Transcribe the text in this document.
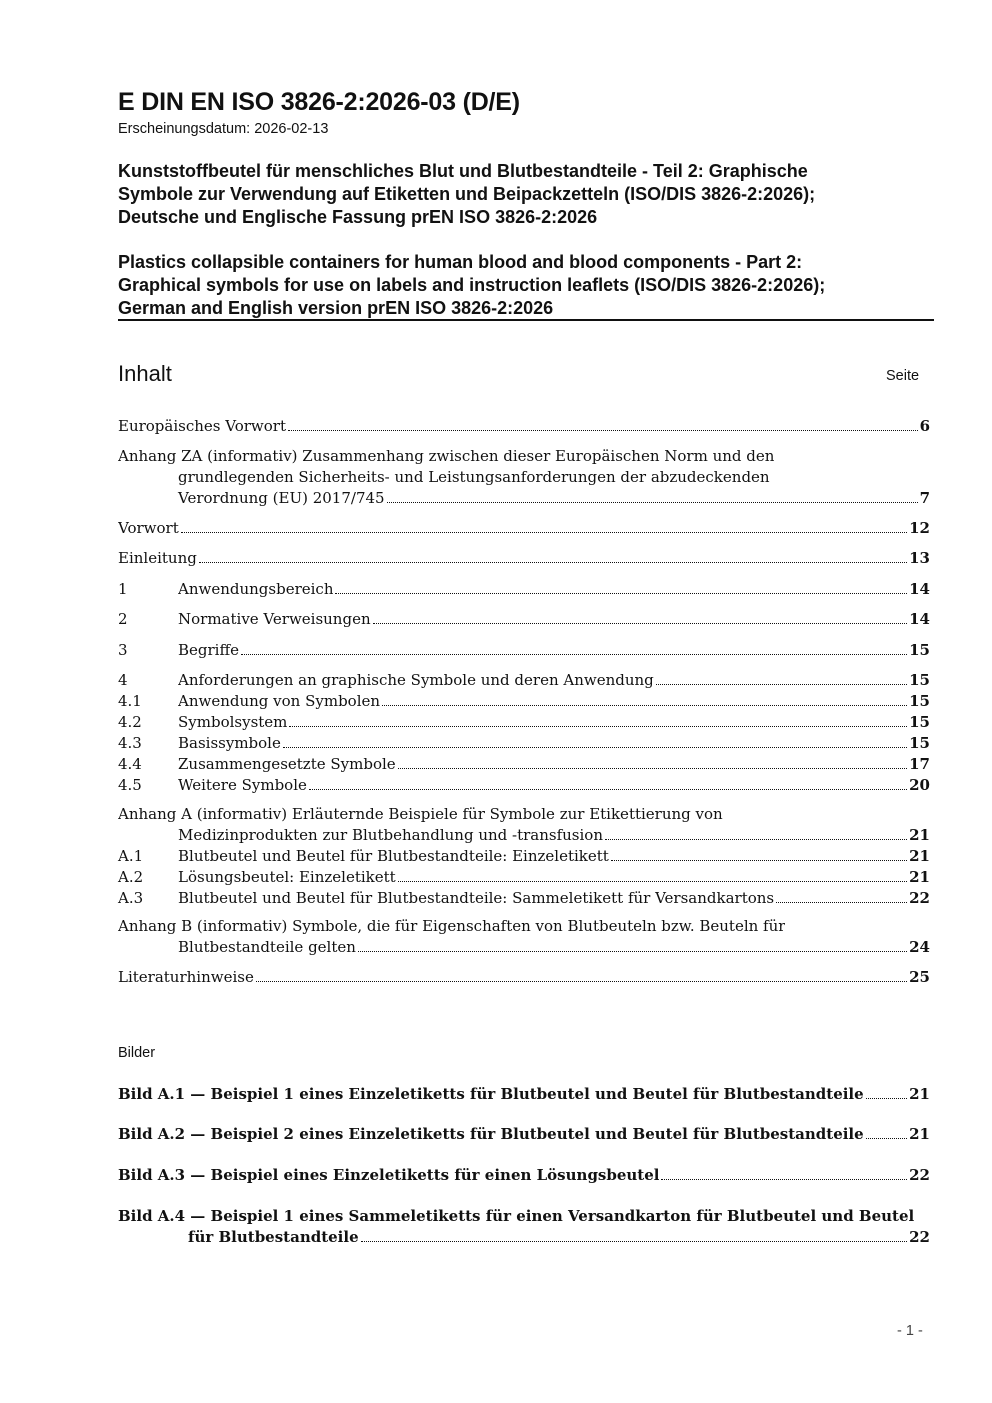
E DIN EN ISO 3826-2:2026-03 (D/E)
Erscheinungsdatum: 2026-02-13
Kunststoffbeutel für menschliches Blut und Blutbestandteile - Teil 2: Graphische
Symbole zur Verwendung auf Etiketten und Beipackzetteln (ISO/DIS 3826-2:2026);
Deutsche und Englische Fassung prEN ISO 3826-2:2026
Plastics collapsible containers for human blood and blood components - Part 2:
Graphical symbols for use on labels and instruction leaflets (ISO/DIS 3826-2:2026);
German and English version prEN ISO 3826-2:2026
Inhalt	Seite
Europäisches Vorwort	6
Anhang ZA (informativ) Zusammenhang zwischen dieser Europäischen Norm und den
grundlegenden Sicherheits- und Leistungsanforderungen der abzudeckenden
Verordnung (EU) 2017/745	7
Vorwort	12
Einleitung	13
1	Anwendungsbereich	14
2	Normative Verweisungen	14
3	Begriffe	15
4	Anforderungen an graphische Symbole und deren Anwendung	15
4.1	Anwendung von Symbolen	15
4.2	Symbolsystem	15
4.3	Basissymbole	15
4.4	Zusammengesetzte Symbole	17
4.5	Weitere Symbole	20
Anhang A (informativ) Erläuternde Beispiele für Symbole zur Etikettierung von
Medizinprodukten zur Blutbehandlung und -transfusion	21
A.1	Blutbeutel und Beutel für Blutbestandteile: Einzeletikett	21
A.2	Lösungsbeutel: Einzeletikett	21
A.3	Blutbeutel und Beutel für Blutbestandteile: Sammeletikett für Versandkartons	22
Anhang B (informativ) Symbole, die für Eigenschaften von Blutbeuteln bzw. Beuteln für
Blutbestandteile gelten	24
Literaturhinweise	25
Bilder
Bild A.1 — Beispiel 1 eines Einzeletiketts für Blutbeutel und Beutel für Blutbestandteile	21
Bild A.2 — Beispiel 2 eines Einzeletiketts für Blutbeutel und Beutel für Blutbestandteile	21
Bild A.3 — Beispiel eines Einzeletiketts für einen Lösungsbeutel	22
Bild A.4 — Beispiel 1 eines Sammeletiketts für einen Versandkarton für Blutbeutel und Beutel
für Blutbestandteile	22
- 1 -
